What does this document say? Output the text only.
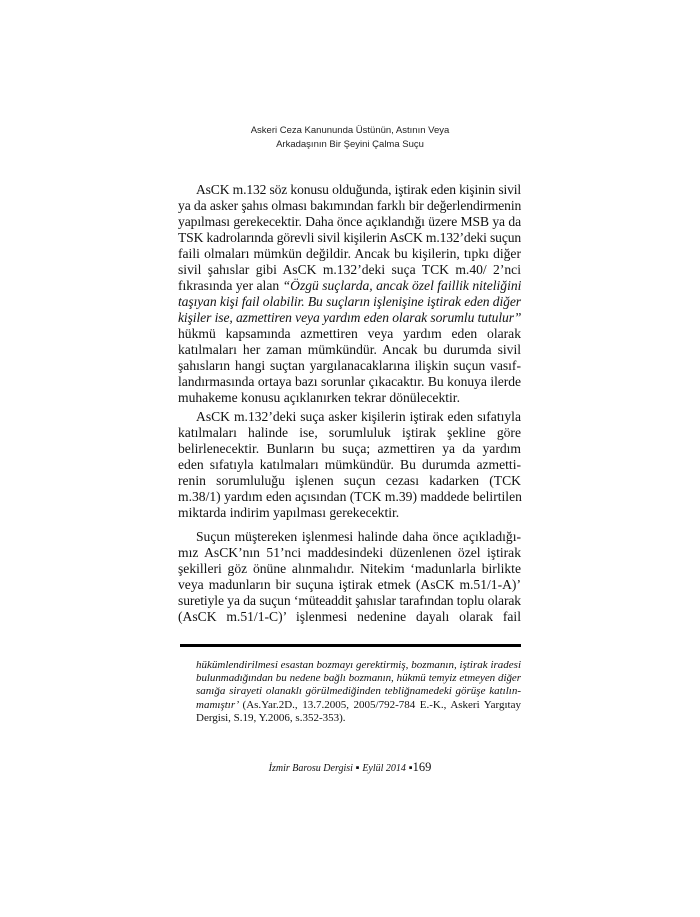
Askeri Ceza Kanununda Üstünün, Astının Veya
Arkadaşının Bir Şeyini Çalma Suçu
AsCK m.132 söz konusu olduğunda, iştirak eden kişinin sivil
ya da asker şahıs olması bakımından farklı bir değerlendirmenin
yapılması gerekecektir. Daha önce açıklandığı üzere MSB ya da
TSK kadrolarında görevli sivil kişilerin AsCK m.132’deki suçun
faili olmaları mümkün değildir. Ancak bu kişilerin, tıpkı diğer
sivil şahıslar gibi AsCK m.132’deki suça TCK m.40/ 2’nci
fıkrasında yer alan “Özgü suçlarda, ancak özel faillik niteliğini
taşıyan kişi fail olabilir. Bu suçların işlenişine iştirak eden diğer
kişiler ise, azmettiren veya yardım eden olarak sorumlu tutulur”
hükmü kapsamında azmettiren veya yardım eden olarak
katılmaları her zaman mümkündür. Ancak bu durumda sivil
şahısların hangi suçtan yargılanacaklarına ilişkin suçun vasıf-
landırmasında ortaya bazı sorunlar çıkacaktır. Bu konuya ilerde
muhakeme konusu açıklanırken tekrar dönülecektir.
AsCK m.132’deki suça asker kişilerin iştirak eden sıfatıyla
katılmaları halinde ise, sorumluluk iştirak şekline göre
belirlenecektir. Bunların bu suça; azmettiren ya da yardım
eden sıfatıyla katılmaları mümkündür. Bu durumda azmetti-
renin sorumluluğu işlenen suçun cezası kadarken (TCK
m.38/1) yardım eden açısından (TCK m.39) maddede belirtilen
miktarda indirim yapılması gerekecektir.
Suçun müştereken işlenmesi halinde daha önce açıkladığı-
mız AsCK’nın 51’nci maddesindeki düzenlenen özel iştirak
şekilleri göz önüne alınmalıdır. Nitekim ‘madunlarla birlikte
veya madunların bir suçuna iştirak etmek (AsCK m.51/1-A)’
suretiyle ya da suçun ‘müteaddit şahıslar tarafından toplu olarak
(AsCK m.51/1-C)’ işlenmesi nedenine dayalı olarak fail
hükümlendirilmesi esastan bozmayı gerektirmiş, bozmanın, iştirak iradesi
bulunmadığından bu nedene bağlı bozmanın, hükmü temyiz etmeyen diğer
sanığa sirayeti olanaklı görülmediğinden tebliğnamedeki görüşe katılın-
mamıştır’ (As.Yar.2D., 13.7.2005, 2005/792-784 E.-K., Askeri Yargıtay
Dergisi, S.19, Y.2006, s.352-353).
İzmir Barosu Dergisi ▪ Eylül 2014 ▪169
